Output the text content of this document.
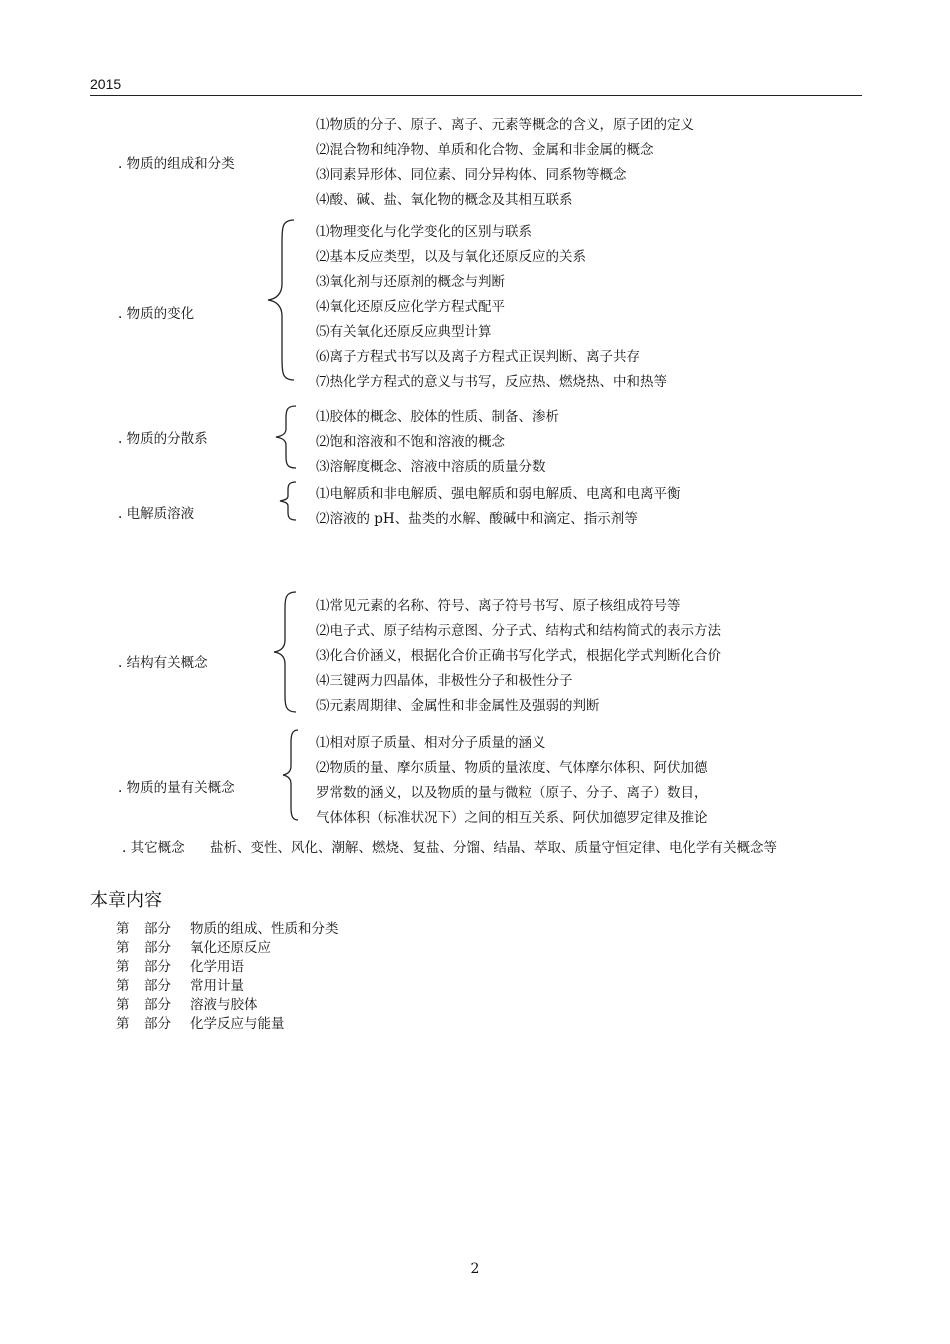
2015
. 物质的组成和分类
⑴物质的分子、原子、离子、元素等概念的含义，原子团的定义
⑵混合物和纯净物、单质和化合物、金属和非金属的概念
⑶同素异形体、同位素、同分异构体、同系物等概念
⑷酸、碱、盐、氧化物的概念及其相互联系
. 物质的变化
⑴物理变化与化学变化的区别与联系
⑵基本反应类型，以及与氧化还原反应的关系
⑶氧化剂与还原剂的概念与判断
⑷氧化还原反应化学方程式配平
⑸有关氧化还原反应典型计算
⑹离子方程式书写以及离子方程式正误判断、离子共存
⑺热化学方程式的意义与书写，反应热、燃烧热、中和热等
. 物质的分散系
⑴胶体的概念、胶体的性质、制备、渗析
⑵饱和溶液和不饱和溶液的概念
⑶溶解度概念、溶液中溶质的质量分数
. 电解质溶液
⑴电解质和非电解质、强电解质和弱电解质、电离和电离平衡
⑵溶液的 pH、盐类的水解、酸碱中和滴定、指示剂等
. 结构有关概念
⑴常见元素的名称、符号、离子符号书写、原子核组成符号等
⑵电子式、原子结构示意图、分子式、结构式和结构简式的表示方法
⑶化合价涵义，根据化合价正确书写化学式，根据化学式判断化合价
⑷三键两力四晶体，非极性分子和极性分子
⑸元素周期律、金属性和非金属性及强弱的判断
. 物质的量有关概念
⑴相对原子质量、相对分子质量的涵义
⑵物质的量、摩尔质量、物质的量浓度、气体摩尔体积、阿伏加德
罗常数的涵义，以及物质的量与微粒（原子、分子、离子）数目，
气体体积（标准状况下）之间的相互关系、阿伏加德罗定律及推论
. 其它概念 盐析、变性、风化、潮解、燃烧、复盐、分馏、结晶、萃取、质量守恒定律、电化学有关概念等
本章内容
第 部分 物质的组成、性质和分类
第 部分 氧化还原反应
第 部分 化学用语
第 部分 常用计量
第 部分 溶液与胶体
第 部分 化学反应与能量
2
